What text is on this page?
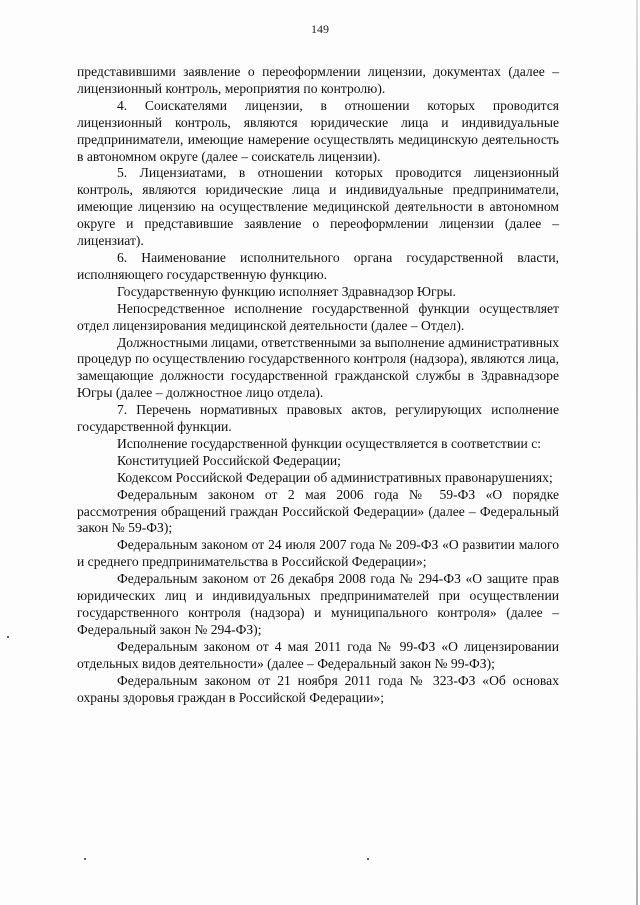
149

представившими заявление о переоформлении лицензии, документах (далее – лицензионный контроль, мероприятия по контролю).

4. Соискателями лицензии, в отношении которых проводится лицензионный контроль, являются юридические лица и индивидуальные предприниматели, имеющие намерение осуществлять медицинскую деятельность в автономном округе (далее – соискатель лицензии).

5. Лицензиатами, в отношении которых проводится лицензионный контроль, являются юридические лица и индивидуальные предприниматели, имеющие лицензию на осуществление медицинской деятельности в автономном округе и представившие заявление о переоформлении лицензии (далее – лицензиат).

6. Наименование исполнительного органа государственной власти, исполняющего государственную функцию.

Государственную функцию исполняет Здравнадзор Югры.

Непосредственное исполнение государственной функции осуществляет отдел лицензирования медицинской деятельности (далее – Отдел).

Должностными лицами, ответственными за выполнение административных процедур по осуществлению государственного контроля (надзора), являются лица, замещающие должности государственной гражданской службы в Здравнадзоре Югры (далее – должностное лицо отдела).

7. Перечень нормативных правовых актов, регулирующих исполнение государственной функции.

Исполнение государственной функции осуществляется в соответствии с:

Конституцией Российской Федерации;

Кодексом Российской Федерации об административных правонарушениях;

Федеральным законом от 2 мая 2006 года № 59-ФЗ «О порядке рассмотрения обращений граждан Российской Федерации» (далее – Федеральный закон № 59-ФЗ);

Федеральным законом от 24 июля 2007 года № 209-ФЗ «О развитии малого и среднего предпринимательства в Российской Федерации»;

Федеральным законом от 26 декабря 2008 года № 294-ФЗ «О защите прав юридических лиц и индивидуальных предпринимателей при осуществлении государственного контроля (надзора) и муниципального контроля» (далее – Федеральный закон № 294-ФЗ);

Федеральным законом от 4 мая 2011 года № 99-ФЗ «О лицензировании отдельных видов деятельности» (далее – Федеральный закон № 99-ФЗ);

Федеральным законом от 21 ноября 2011 года № 323-ФЗ «Об основах охраны здоровья граждан в Российской Федерации»;
